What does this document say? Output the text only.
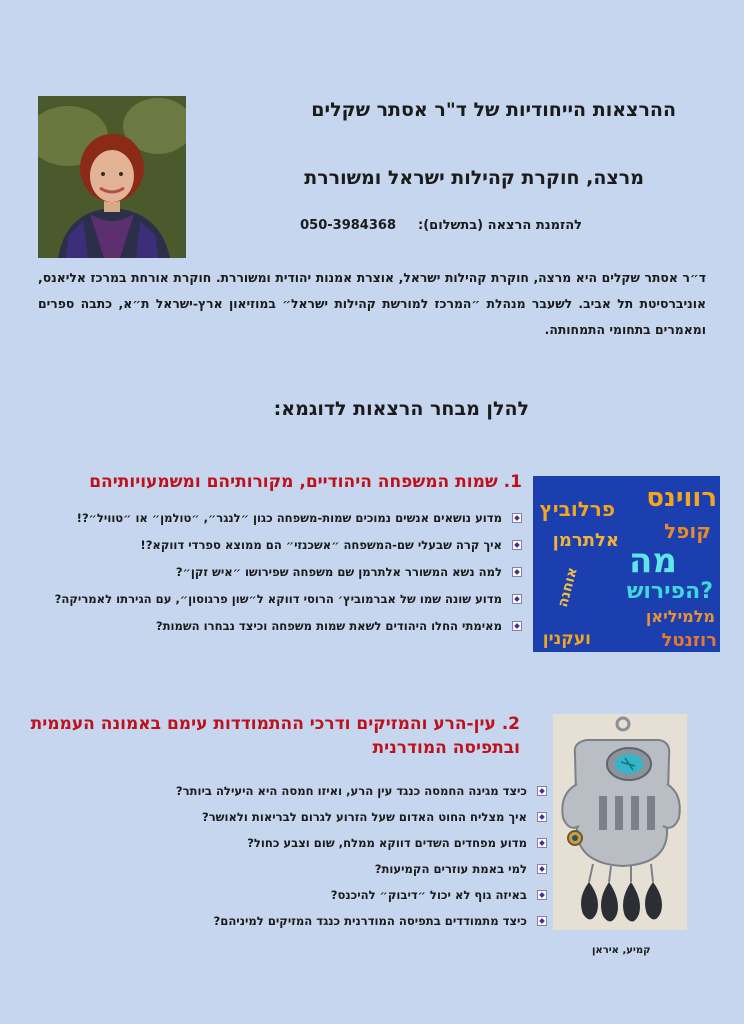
ההרצאות הייחודיות של ד"ר אסתר שקלים
מרצה, חוקרת קהילות ישראל ומשוררת
להזמנת הרצאה (בתשלום):050-3984368
ד״ר אסתר שקלים היא מרצה, חוקרת קהילות ישראל, אוצרת אמנות יהודית ומשוררת. חוקרת אורחת במרכז אליאנס, אוניברסיטת תל אביב. לשעבר מנהלת ״המרכז למורשת קהילות ישראל״ במוזיאון ארץ-ישראל ת״א, כתבה ספרים ומאמרים בתחומי התמחותה.
להלן מבחר הרצאות לדוגמא:
1. שמות המשפחה היהודיים, מקורותיהם ומשמעויותיהם
מדוע נושאים אנשים נמוכים שמות-משפחה כגון ״לנגר״, ״טולמן״ או ״טוויל״?!
איך קרה שבעלי שם-המשפחה ״אשכנזי״ הם ממוצא ספרדי דווקא?!
למה נשא המשורר אלתרמן שם משפחה שפירושו ״איש זקן״?
מדוע שונה שמו של אברמוביץ׳ הרוסי דווקא ל״שון פרגוסון״, עם הגירתו לאמריקה?
מאימתי החלו היהודים לשאת שמות משפחה וכיצד נבחרו השמות?
רווינס
פרלוביץ
קופל
אלתרמן
אוחנה
מה
הפירוש?
מלמיליאן
ועקנין	רוזנטל
2. עין-הרע והמזיקים ודרכי ההתמודדות עימם באמונה העממית ובתפיסה המודרנית
כיצד מגינה החמסה כנגד עין הרע, ואיזו חמסה היא היעילה ביותר?
איך מצליח החוט האדום שעל הזרוע לגרום לבריאות ולאושר?
מדוע מפחדים השדים דווקא ממלח, שום וצבע כחול?
למי באמת עוזרים הקמיעות?
באיזה גוף לא יכול ״דיבוק״ להיכנס?
כיצד מתמודדים בתפיסה המודרנית כנגד המזיקים למיניהם?
קמיע, איראן
